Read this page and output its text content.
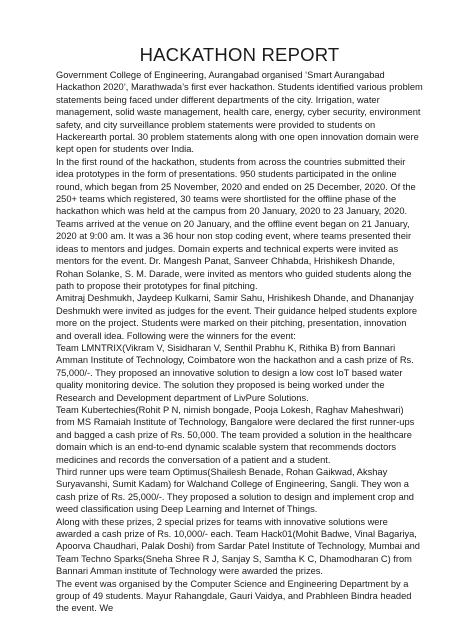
HACKATHON REPORT

Government College of Engineering, Aurangabad organised ‘Smart Aurangabad Hackathon 2020’, Marathwada’s first ever hackathon. Students identified various problem statements being faced under different departments of the city. Irrigation, water management, solid waste management, health care, energy, cyber security, environment safety, and city surveillance problem statements were provided to students on Hackerearth portal. 30 problem statements along with one open innovation domain were kept open for students over India.

In the first round of the hackathon, students from across the countries submitted their idea prototypes in the form of presentations. 950 students participated in the online round, which began from 25 November, 2020 and ended on 25 December, 2020. Of the 250+ teams which registered, 30 teams were shortlisted for the offline phase of the hackathon which was held at the campus from 20 January, 2020 to 23 January, 2020.

Teams arrived at the venue on 20 January, and the offline event began on 21 January, 2020 at 9:00 am. It was a 36 hour non stop coding event, where teams presented their ideas to mentors and judges. Domain experts and technical experts were invited as mentors for the event. Dr. Mangesh Panat, Sanveer Chhabda, Hrishikesh Dhande, Rohan Solanke, S. M. Darade, were invited as mentors who guided students along the path to propose their prototypes for final pitching.

Amitraj Deshmukh, Jaydeep Kulkarni, Samir Sahu, Hrishikesh Dhande, and Dhananjay Deshmukh were invited as judges for the event. Their guidance helped students explore more on the project. Students were marked on their pitching, presentation, innovation and overall idea. Following were the winners for the event:

Team LMNTRIX(Vikram V, Sisidharan V, Senthil Prabhu K, Rithika B) from Bannari Amman Institute of Technology, Coimbatore won the hackathon and a cash prize of Rs. 75,000/-. They proposed an innovative solution to design a low cost IoT based water quality monitoring device. The solution they proposed is being worked under the Research and Development department of LivPure Solutions.

Team Kubertechies(Rohit P N, nimish bongade, Pooja Lokesh, Raghav Maheshwari) from MS Ramaiah Institute of Technology, Bangalore were declared the first runner-ups and bagged a cash prize of Rs. 50,000. The team provided a solution in the healthcare domain which is an end-to-end dynamic scalable system that recommends doctors medicines and records the conversation of a patient and a student.

Third runner ups were team Optimus(Shailesh Benade, Rohan Gaikwad, Akshay Suryavanshi, Sumit Kadam) for Walchand College of Engineering, Sangli. They won a cash prize of Rs. 25,000/-. They proposed a solution to design and implement crop and weed classification using Deep Learning and Internet of Things.

Along with these prizes, 2 special prizes for teams with innovative solutions were awarded a cash prize of Rs. 10,000/- each. Team Hack01(Mohit Badwe, Vinal Bagariya, Apoorva Chaudhari, Palak Doshi) from Sardar Patel Institute of Technology, Mumbai and Team Techno Sparks(Sneha Shree R J, Sanjay S, Samtha K C, Dhamodharan C) from Bannari Amman institute of Technology were awarded the prizes.

The event was organised by the Computer Science and Engineering Department by a group of 49 students. Mayur Rahangdale, Gauri Vaidya, and Prabhleen Bindra headed the event. We
